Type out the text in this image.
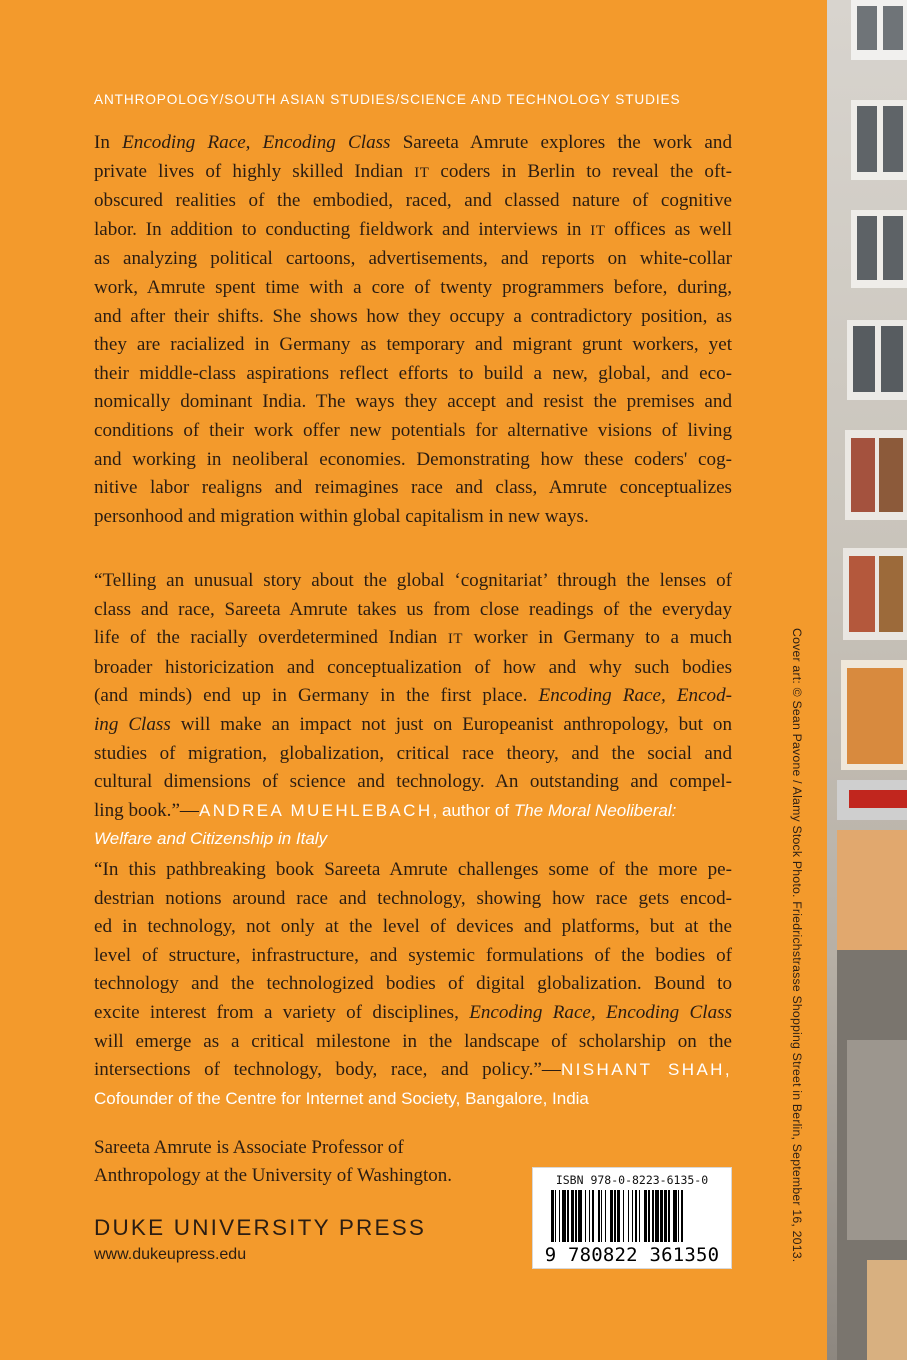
ANTHROPOLOGY/SOUTH ASIAN STUDIES/SCIENCE AND TECHNOLOGY STUDIES
In Encoding Race, Encoding Class Sareeta Amrute explores the work and
private lives of highly skilled Indian IT coders in Berlin to reveal the oft-
obscured realities of the embodied, raced, and classed nature of cognitive
labor. In addition to conducting fieldwork and interviews in IT offices as well
as analyzing political cartoons, advertisements, and reports on white-collar
work, Amrute spent time with a core of twenty programmers before, during,
and after their shifts. She shows how they occupy a contradictory position, as
they are racialized in Germany as temporary and migrant grunt workers, yet
their middle-class aspirations reflect efforts to build a new, global, and eco-
nomically dominant India. The ways they accept and resist the premises and
conditions of their work offer new potentials for alternative visions of living
and working in neoliberal economies. Demonstrating how these coders' cog-
nitive labor realigns and reimagines race and class, Amrute conceptualizes
personhood and migration within global capitalism in new ways.
“Telling an unusual story about the global ‘cognitariat’ through the lenses of
class and race, Sareeta Amrute takes us from close readings of the everyday
life of the racially overdetermined Indian IT worker in Germany to a much
broader historicization and conceptualization of how and why such bodies
(and minds) end up in Germany in the first place. Encoding Race, Encod-
ing Class will make an impact not just on Europeanist anthropology, but on
studies of migration, globalization, critical race theory, and the social and
cultural dimensions of science and technology. An outstanding and compel-
ling book.”—ANDREA MUEHLEBACH, author of The Moral Neoliberal:
Welfare and Citizenship in Italy
“In this pathbreaking book Sareeta Amrute challenges some of the more pe-
destrian notions around race and technology, showing how race gets encod-
ed in technology, not only at the level of devices and platforms, but at the
level of structure, infrastructure, and systemic formulations of the bodies of
technology and the technologized bodies of digital globalization. Bound to
excite interest from a variety of disciplines, Encoding Race, Encoding Class
will emerge as a critical milestone in the landscape of scholarship on the
intersections of technology, body, race, and policy.”—NISHANT SHAH,
Cofounder of the Centre for Internet and Society, Bangalore, India
Sareeta Amrute is Associate Professor of
Anthropology at the University of Washington.
DUKE UNIVERSITY PRESS
www.dukeupress.edu
ISBN 978-0-8223-6135-0
9 780822 361350	Cover art: © Sean Pavone / Alamy Stock Photo. Friedrichstrasse Shopping Street in Berlin, September 16, 2013.
